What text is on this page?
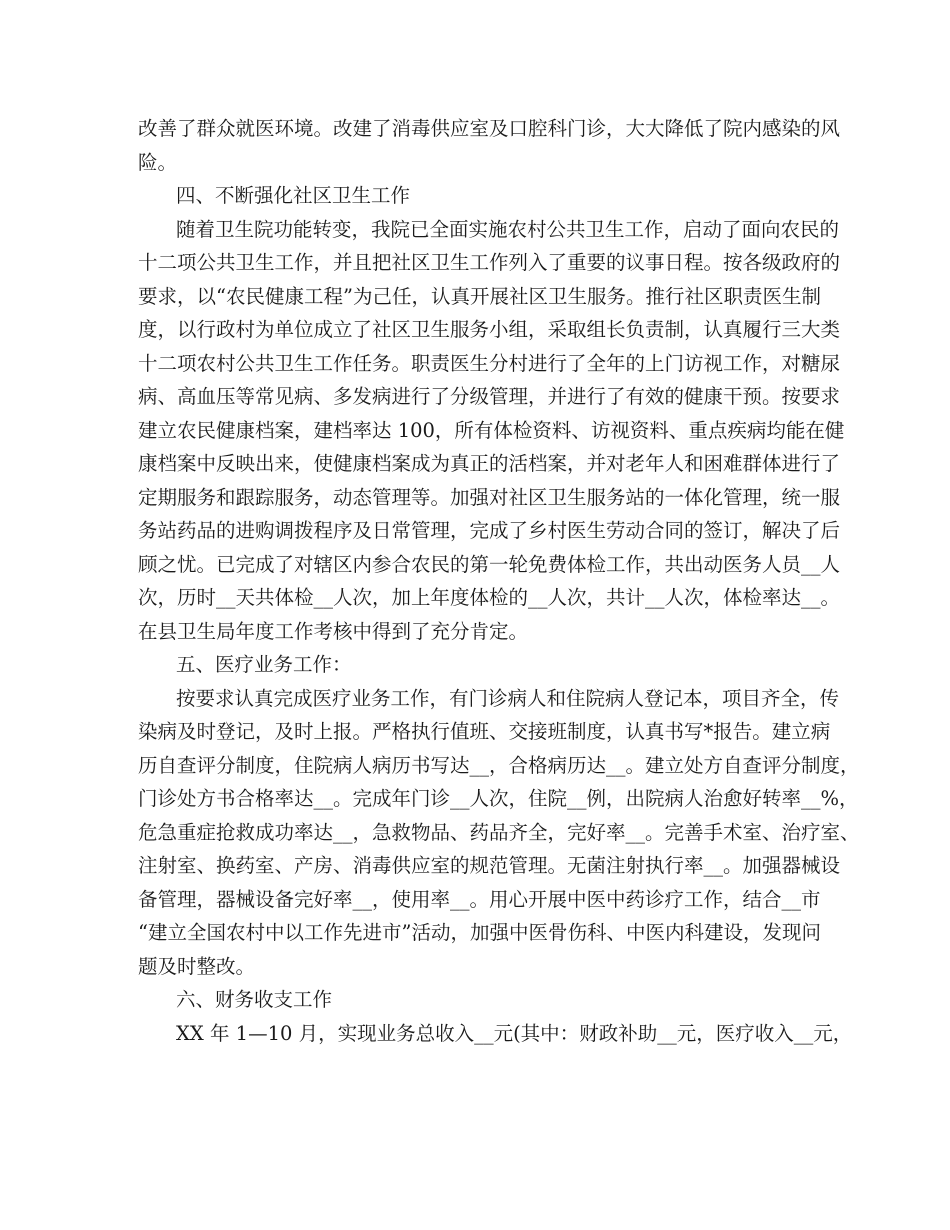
改善了群众就医环境。改建了消毒供应室及口腔科门诊，大大降低了院内感染的风
险。
四、不断强化社区卫生工作
随着卫生院功能转变，我院已全面实施农村公共卫生工作，启动了面向农民的
十二项公共卫生工作，并且把社区卫生工作列入了重要的议事日程。按各级政府的
要求，以“农民健康工程”为己任，认真开展社区卫生服务。推行社区职责医生制
度，以行政村为单位成立了社区卫生服务小组，采取组长负责制，认真履行三大类
十二项农村公共卫生工作任务。职责医生分村进行了全年的上门访视工作，对糖尿
病、高血压等常见病、多发病进行了分级管理，并进行了有效的健康干预。按要求
建立农民健康档案，建档率达 100，所有体检资料、访视资料、重点疾病均能在健
康档案中反映出来，使健康档案成为真正的活档案，并对老年人和困难群体进行了
定期服务和跟踪服务，动态管理等。加强对社区卫生服务站的一体化管理，统一服
务站药品的进购调拨程序及日常管理，完成了乡村医生劳动合同的签订，解决了后
顾之忧。已完成了对辖区内参合农民的第一轮免费体检工作，共出动医务人员__人
次，历时__天共体检__人次，加上年度体检的__人次，共计__人次，体检率达__。
在县卫生局年度工作考核中得到了充分肯定。
五、医疗业务工作：
按要求认真完成医疗业务工作，有门诊病人和住院病人登记本，项目齐全，传
染病及时登记，及时上报。严格执行值班、交接班制度，认真书写*报告。建立病
历自查评分制度，住院病人病历书写达__，合格病历达__。建立处方自查评分制度，
门诊处方书合格率达__。完成年门诊__人次，住院__例，出院病人治愈好转率__%，
危急重症抢救成功率达__，急救物品、药品齐全，完好率__。完善手术室、治疗室、
注射室、换药室、产房、消毒供应室的规范管理。无菌注射执行率__。加强器械设
备管理，器械设备完好率__，使用率__。用心开展中医中药诊疗工作，结合__市
“建立全国农村中以工作先进市”活动，加强中医骨伤科、中医内科建设，发现问
题及时整改。
六、财务收支工作
XX 年 1—10 月，实现业务总收入__元(其中：财政补助__元，医疗收入__元，
